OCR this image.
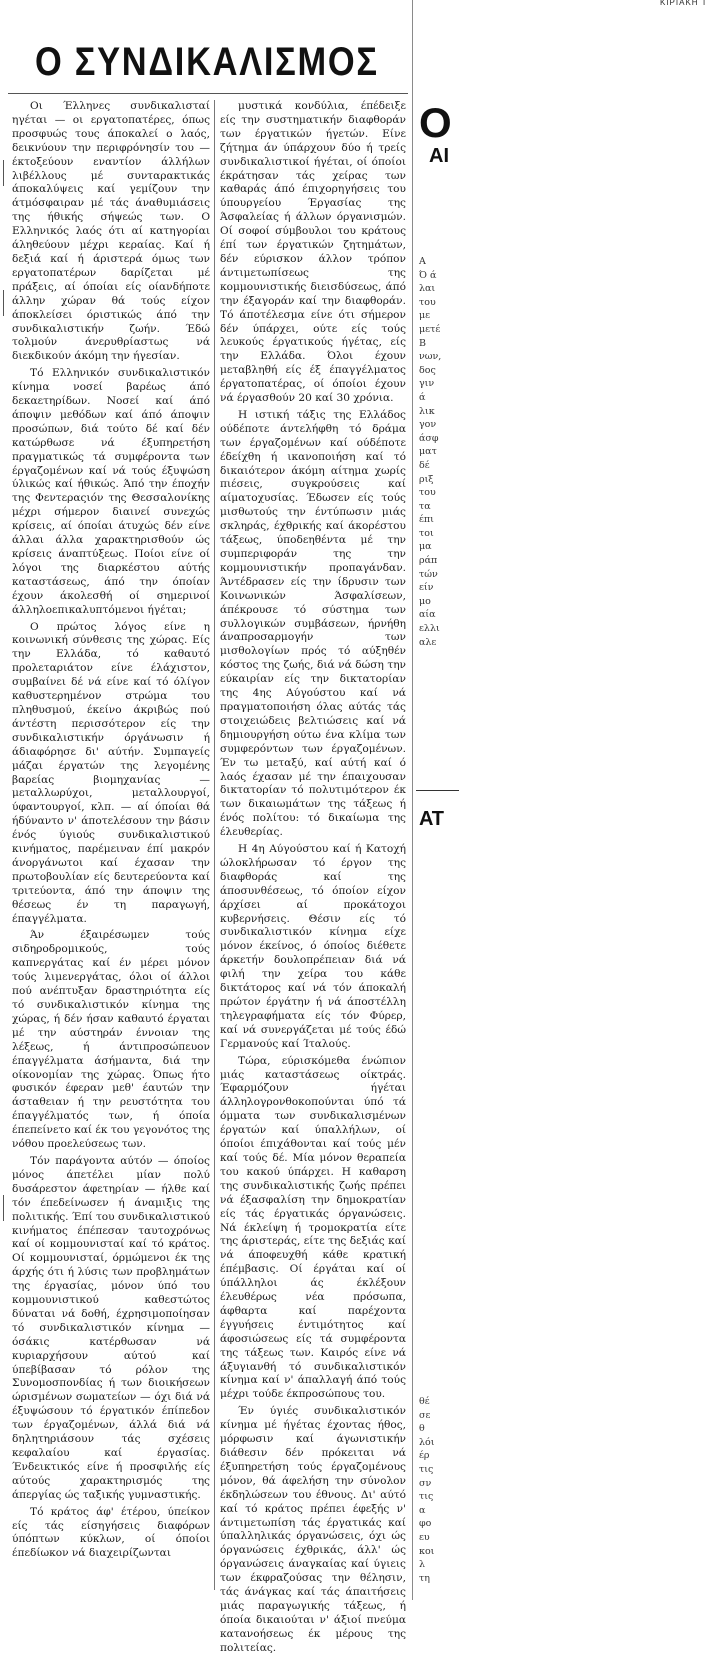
ΚΙΡΙΑΚΗ Τ
Ο ΣΥΝΔΙΚΑΛΙΣΜΟΣ

Οι Έλληνες συνδικαλισταί ηγέται — οι εργατοπατέρες, όπως προσφυώς τους άποκαλεί ο λαός, δεικνύουν την περιφρόνησίν του — έκτοξεύουν εναντίον άλλήλων λιβέλλους μέ συνταρακτικάς άποκαλύψεις καί γεμίζουν την άτμόσφαιραν μέ τάς άναθυμιάσεις της ήθικής σήψεώς των. Ο Ελληνικός λαός ότι αί κατηγορίαι άληθεύουν μέχρι κεραίας. Καί ή δεξιά καί ή άριστερά όμως των εργατοπατέρων δαρίζεται μέ πράξεις, αί όποίαι είς οίανδήποτε άλλην χώραν θά τούς είχον άποκλείσει όριστικώς άπό την συνδικαλιστικήν ζωήν. Έδώ τολμούν άνερυθρίαστως νά διεκδικούν άκόμη την ήγεσίαν.

Τό Ελληνικόν συνδικαλιστικόν κίνημα νοσεί βαρέως άπό δεκαετηρίδων. Νοσεί καί άπό άποψιν μεθόδων καί άπό άποψιν προσώπων, διά τούτο δέ καί δέν κατώρθωσε νά έξυπηρετήση πραγματικώς τά συμφέροντα των έργαζομένων καί νά τούς έξυψώση ύλικώς καί ήθικώς. Άπό την έποχήν της Φεντεραςιόν της Θεσσαλονίκης μέχρι σήμερον διαινεί συνεχώς κρίσεις, αί όποίαι άτυχώς δέν είνε άλλαι άλλα χαρακτηρισθούν ώς κρίσεις άναπτύξεως. Ποίοι είνε οί λόγοι της διαρκέστου αύτής καταστάσεως, άπό την όποίαν έχουν άκολεσθή οί σημερινοί άλληλοεπικαλυπτόμενοι ήγέται;

Ο πρώτος λόγος είνε η κοινωνική σύνθεσις της χώρας. Είς την Ελλάδα, τό καθαυτό προλεταριάτον είνε έλάχιστον, συμβαίνει δέ νά είνε καί τό όλίγον καθυστερημένον στρώμα του πληθυσμού, έκείνο άκριβώς πού άντέστη περισσότερον είς την συνδικαλιστικήν όργάνωσιν ή άδιαφόρησε δι' αύτήν. Συμπαγείς μάζαι έργατών της λεγομένης βαρείας βιομηχανίας — μεταλλωρύχοι, μεταλλουργοί, ύφαντουργοί, κλπ. — αί όποίαι θά ήδύναντο ν' άποτελέσουν την βάσιν ένός ύγιούς συνδικαλιστικού κινήματος, παρέμειναν έπί μακρόν άνοργάνωτοι καί έχασαν την πρωτοβουλίαν είς δευτερεύοντα καί τριτεύοντα, άπό την άποψιν της θέσεως έν τη παραγωγή, έπαγγέλματα.

Άν έξαιρέσωμεν τούς σιδηροδρομικούς, τούς καπνεργάτας καί έν μέρει μόνον τούς λιμενεργάτας, όλοι οί άλλοι πού ανέπτυξαν δραστηριότητα είς τό συνδικαλιστικόν κίνημα της χώρας, ή δέν ήσαν καθαυτό έργαται μέ την αύστηράν έννοιαν της λέξεως, ή άντιπροσώπευον έπαγγέλματα άσήμαντα, διά την οίκονομίαν της χώρας. Όπως ήτο φυσικόν έφεραν μεθ' έαυτών την άσταθειαν ή την ρευστότητα του έπαγγέλματός των, ή όποία έπεπείνετο καί έκ του γεγονότος της νόθου προελεύσεως των.

Τόν παράγοντα αύτόν — όποίος μόνος άπετέλει μίαν πολύ δυσάρεστον άφετηρίαν — ήλθε καί τόν έπεδείνωσεν ή άναμιξις της πολιτικής. Έπί του συνδικαλιστικού κινήματος έπέπεσαν ταυτοχρόνως καί οί κομμουνισταί καί τό κράτος. Οί κομμουνισταί, όρμώμενοι έκ της άρχής ότι ή λύσις των προβλημάτων της έργασίας, μόνον ύπό του κομμουνιστικού καθεστώτος δύναται νά δοθή, έχρησιμοποίησαν τό συνδικαλιστικόν κίνημα — όσάκις κατέρθωσαν νά κυριαρχήσουν αύτού καί ύπεβίβασαν τό ρόλον της Συνομοσπονδίας ή των διοικήσεων ώρισμένων σωματείων — όχι διά νά έξυψώσουν τό έργατικόν έπίπεδον των έργαζομένων, άλλά διά νά δηλητηριάσουν τάς σχέσεις κεφαλαίου καί έργασίας. Ένδεικτικός είνε ή προσφιλής είς αύτούς χαρακτηρισμός της άπεργίας ώς ταξικής γυμναστικής.

Τό κράτος άφ' έτέρου, ύπείκον είς τάς είσηγήσεις διαφόρων ύπόπτων κύκλων, οί όποίοι έπεδίωκον νά διαχειρίζωνται

μυστικά κονδύλια, έπέδειξε είς την συστηματικήν διαφθοράν των έργατικών ήγετών. Είνε ζήτημα άν ύπάρχουν δύο ή τρείς συνδικαλιστικοί ήγέται, οί όποίοι έκράτησαν τάς χείρας των καθαράς άπό έπιχορηγήσεις του ύπουργείου Έργασίας της Άσφαλείας ή άλλων όργανισμών. Οί σοφοί σύμβουλοι του κράτους έπί των έργατικών ζητημάτων, δέν εύρισκον άλλον τρόπον άντιμετωπίσεως της κομμουνιστικής διεισδύσεως, άπό την έξαγοράν καί την διαφθοράν. Τό άποτέλεσμα είνε ότι σήμερον δέν ύπάρχει, ούτε είς τούς λευκούς έργατικούς ήγέτας, είς την Ελλάδα. Όλοι έχουν μεταβληθή είς έξ έπαγγέλματος έργατοπατέρας, οί όποίοι έχουν νά έργασθούν 20 καί 30 χρόνια.

Η ιστική τάξις της Ελλάδος ούδέποτε άντελήφθη τό δράμα των έργαζομένων καί ούδέποτε έδείχθη ή ικανοποιήση καί τό δικαιότερον άκόμη αίτημα χωρίς πιέσεις, συγκρούσεις καί αίματοχυσίας. Έδωσεν είς τούς μισθωτούς την έντύπωσιν μιάς σκληράς, έχθρικής καί άκορέστου τάξεως, ύποδεηθέντα μέ την συμπεριφοράν της την κομμουνιστικήν προπαγάνδαν. Άντέδρασεν είς την ίδρυσιν των Κοινωνικών Άσφαλίσεων, άπέκρουσε τό σύστημα των συλλογικών συμβάσεων, ήρνήθη άναπροσαρμογήν των μισθολογίων πρός τό αύξηθέν κόστος της ζωής, διά νά δώση την εύκαιρίαν είς την δικτατορίαν της 4ης Αύγούστου καί νά πραγματοποιήση όλας αύτάς τάς στοιχειώδεις βελτιώσεις καί νά δημιουργήση ούτω ένα κλίμα των συμφερόντων των έργαζομένων. Έν τω μεταξύ, καί αύτή καί ό λαός έχασαν μέ την έπαιχουσαν δικτατορίαν τό πολυτιμότερον έκ των δικαιωμάτων της τάξεως ή ένός πολίτου: τό δικαίωμα της έλευθερίας.

Η 4η Αύγούστου καί ή Κατοχή ώλοκλήρωσαν τό έργον της διαφθοράς καί της άποσυνθέσεως, τό όποίον είχον άρχίσει αί προκάτοχοι κυβερνήσεις. Θέσιν είς τό συνδικαλιστικόν κίνημα είχε μόνον έκείνος, ό όποίος διέθετε άρκετήν δουλοπρέπειαν διά νά φιλή την χείρα του κάθε δικτάτορος καί νά τόν άποκαλή πρώτον έργάτην ή νά άποστέλλη τηλεγραφήματα είς τόν Φύρερ, καί νά συνεργάζεται μέ τούς έδώ Γερμανούς καί Ίταλούς.

Τώρα, εύρισκόμεθα ένώπιον μιάς καταστάσεως οίκτράς. Έφαρμόζουν ήγέται άλληλογρονθοκοπούνται ύπό τά όμματα των συνδικαλισμένων έργατών καί ύπαλλήλων, οί όποίοι έπιχάθονται καί τούς μέν καί τούς δέ. Μία μόνον θεραπεία του κακού ύπάρχει. Η καθαρση της συνδικαλιστικής ζωής πρέπει νά έξασφαλίση την δημοκρατίαν είς τάς έργατικάς όργανώσεις. Νά έκλείψη ή τρομοκρατία είτε της άριστεράς, είτε της δεξιάς καί νά άποφευχθή κάθε κρατική έπέμβασις. Οί έργάται καί οί ύπάλληλοι άς έκλέξουν έλευθέρως νέα πρόσωπα, άφθαρτα καί παρέχοντα έγγυήσεις έντιμότητος καί άφοσιώσεως είς τά συμφέροντα της τάξεως των. Καιρός είνε νά άξυγιανθή τό συνδικαλιστικόν κίνημα καί ν' άπαλλαγή άπό τούς μέχρι τούδε έκπροσώπους του.

Έν ύγιές συνδικαλιστικόν κίνημα μέ ήγέτας έχοντας ήθος, μόρφωσιν καί άγωνιστικήν διάθεσιν δέν πρόκειται νά έξυπηρετήση τούς έργαζομένους μόνον, θά άφελήση την σύνολον έκδηλώσεων του έθνους. Δι' αύτό καί τό κράτος πρέπει έφεξής ν' άντιμετωπίση τάς έργατικάς καί ύπαλληλικάς όργανώσεις, όχι ώς όργανώσεις έχθρικάς, άλλ' ώς όργανώσεις άναγκαίας καί ύγιεις των έκφραζούσας την θέλησιν, τάς άνάγκας καί τάς άπαιτήσεις μιάς παραγωγικής τάξεως, ή όποία δικαιούται ν' άξιοί πνεύμα κατανοήσεως έκ μέρους της πολιτείας.

Ο
ΑΙ
Α
Ό ά
λαι
του
με
μετέ
Β
νων,
δος
γιν
ά
λικ
γον
άσφ
ματ
δέ
ριξ
του
τα
έπι
τοι
μα
ράπ
τών
είν
μο
αία
ελλι
αλε
ΑΤ
θέ
σε
θ
λόι
έρ
τις
σν
τις
α
φο
ευ
κοι
λ
τη
